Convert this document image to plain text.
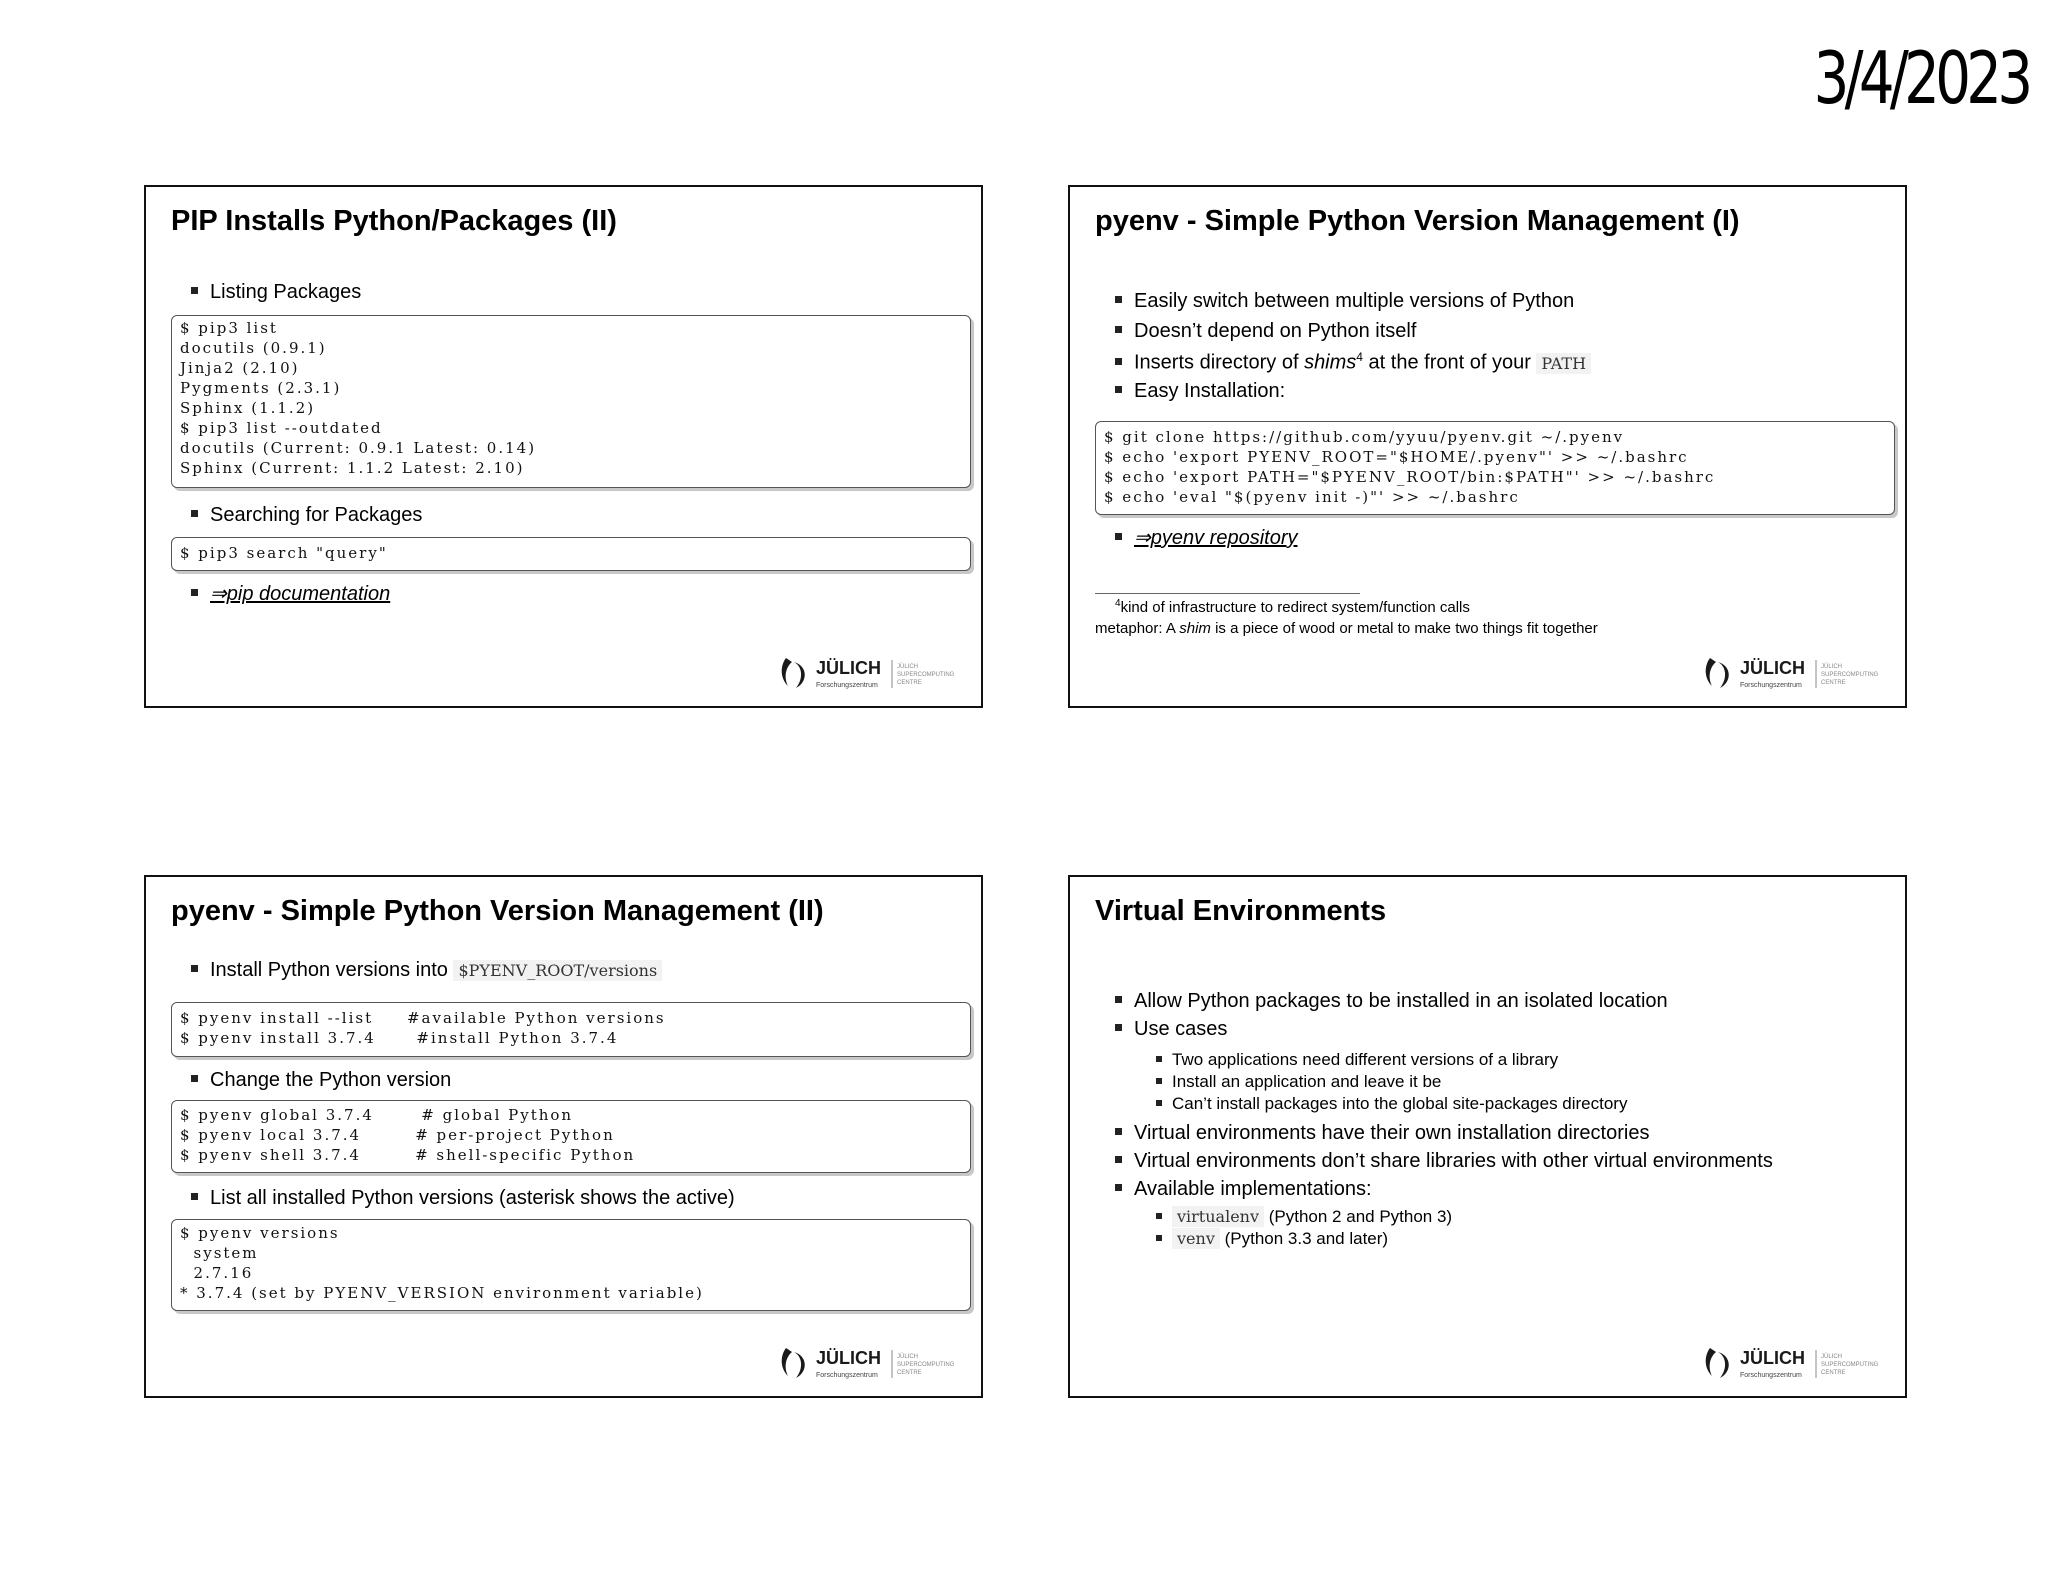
3/4/2023
PIP Installs Python/Packages (II)
Listing Packages
$ pip3 list
docutils (0.9.1)
Jinja2 (2.10)
Pygments (2.3.1)
Sphinx (1.1.2)
$ pip3 list --outdated
docutils (Current: 0.9.1 Latest: 0.14)
Sphinx (Current: 1.1.2 Latest: 2.10)
Searching for Packages
$ pip3 search "query"
⇒pip documentation
JÜLICH
Forschungszentrum
JÜLICH
SUPERCOMPUTING
CENTRE
pyenv - Simple Python Version Management (I)
Easily switch between multiple versions of Python
Doesn’t depend on Python itself
Inserts directory of shims$^4$ at the front of your PATH
Easy Installation:
$ git clone https://github.com/yyuu/pyenv.git ~/.pyenv
$ echo 'export PYENV_ROOT="$HOME/.pyenv"' >> ~/.bashrc
$ echo 'export PATH="$PYENV_ROOT/bin:$PATH"' >> ~/.bashrc
$ echo 'eval "$(pyenv init -)"' >> ~/.bashrc
⇒pyenv repository
$^4$kind of infrastructure to redirect system/function calls
metaphor: A shim is a piece of wood or metal to make two things fit together
JÜLICH
Forschungszentrum
JÜLICH
SUPERCOMPUTING
CENTRE
pyenv - Simple Python Version Management (II)
Install Python versions into $PYENV_ROOT/versions
$ pyenv install --list     #available Python versions
$ pyenv install 3.7.4      #install Python 3.7.4
Change the Python version
$ pyenv global 3.7.4       # global Python
$ pyenv local 3.7.4        # per-project Python
$ pyenv shell 3.7.4        # shell-specific Python
List all installed Python versions (asterisk shows the active)
$ pyenv versions
system
2.7.16
* 3.7.4 (set by PYENV_VERSION environment variable)
JÜLICH
Forschungszentrum
JÜLICH
SUPERCOMPUTING
CENTRE
Virtual Environments
Allow Python packages to be installed in an isolated location
Use cases
Two applications need different versions of a library
Install an application and leave it be
Can’t install packages into the global site-packages directory
Virtual environments have their own installation directories
Virtual environments don’t share libraries with other virtual environments
Available implementations:
virtualenv (Python 2 and Python 3)
venv (Python 3.3 and later)
JÜLICH
Forschungszentrum
JÜLICH
SUPERCOMPUTING
CENTRE
